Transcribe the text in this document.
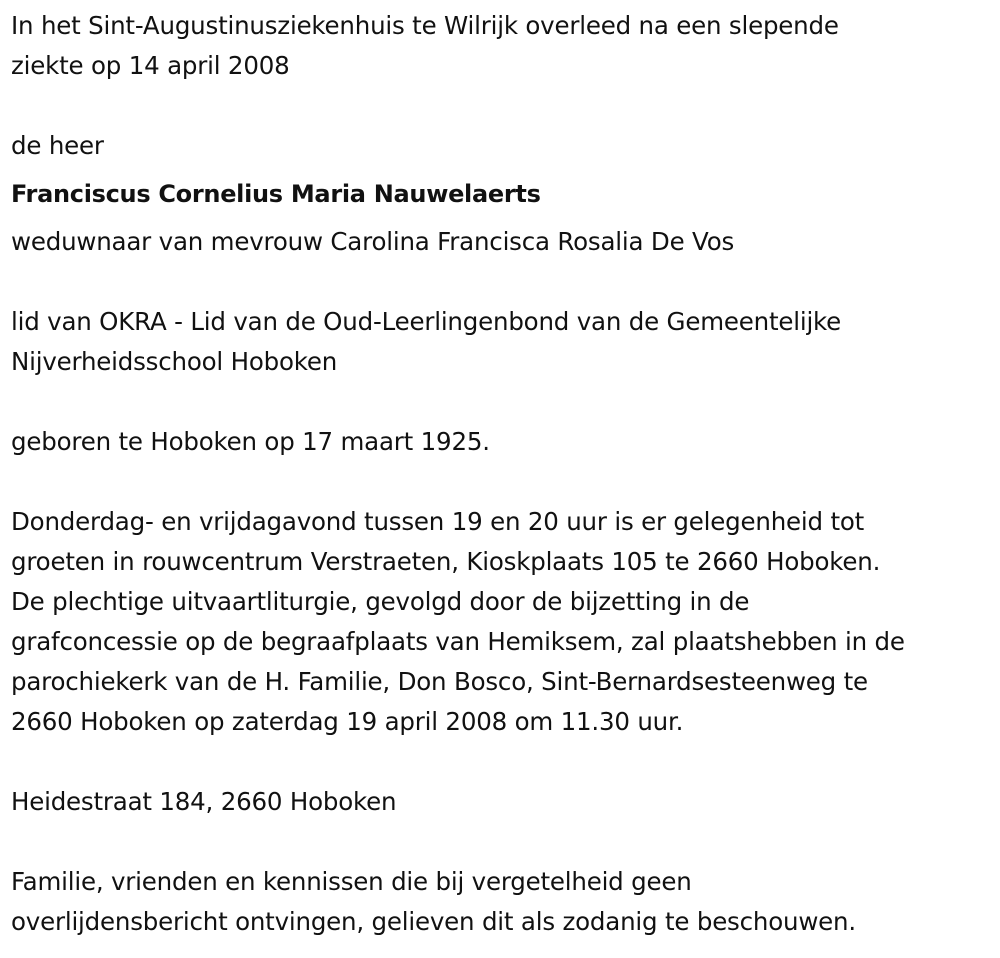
In het Sint-Augustinusziekenhuis te Wilrijk overleed na een slepende
ziekte op 14 april 2008
de heer
Franciscus Cornelius Maria Nauwelaerts
weduwnaar van mevrouw Carolina Francisca Rosalia De Vos
lid van OKRA - Lid van de Oud-Leerlingenbond van de Gemeentelijke
Nijverheidsschool Hoboken
geboren te Hoboken op 17 maart 1925.
Donderdag- en vrijdagavond tussen 19 en 20 uur is er gelegenheid tot
groeten in rouwcentrum Verstraeten, Kioskplaats 105 te 2660 Hoboken.
De plechtige uitvaartliturgie, gevolgd door de bijzetting in de
grafconcessie op de begraafplaats van Hemiksem, zal plaatshebben in de
parochiekerk van de H. Familie, Don Bosco, Sint-Bernardsesteenweg te
2660 Hoboken op zaterdag 19 april 2008 om 11.30 uur.
Heidestraat 184, 2660 Hoboken
Familie, vrienden en kennissen die bij vergetelheid geen
overlijdensbericht ontvingen, gelieven dit als zodanig te beschouwen.
